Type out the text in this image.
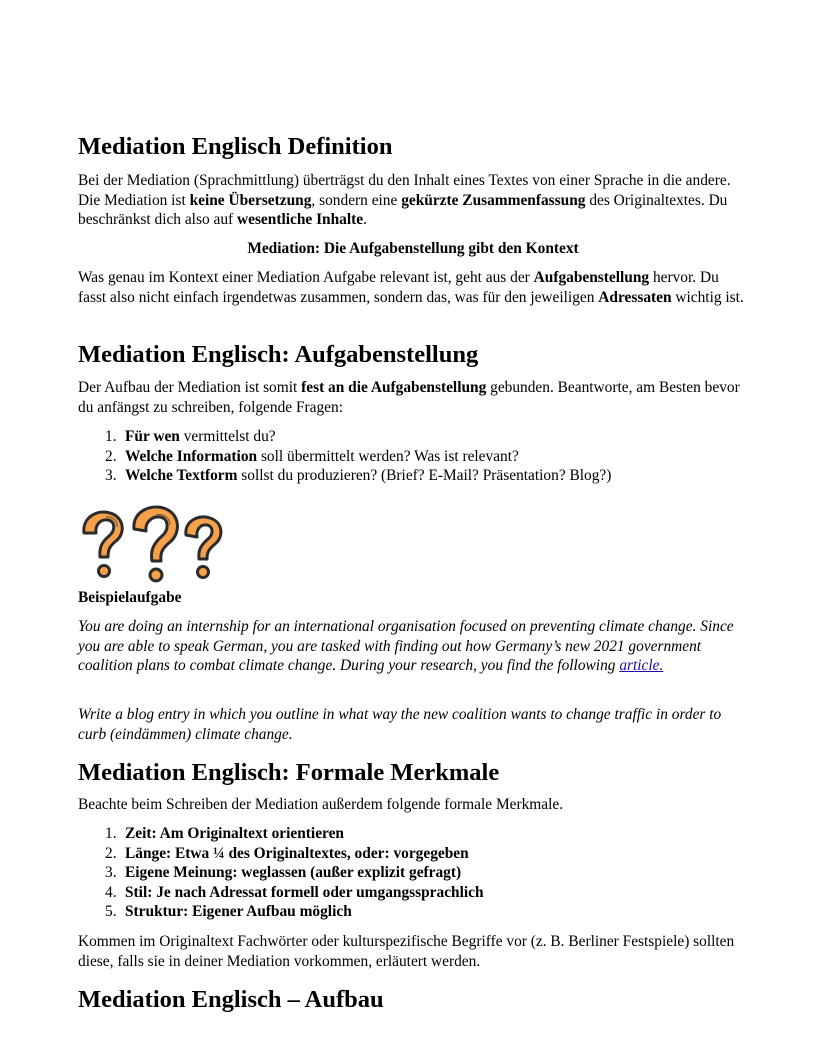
Mediation Englisch Definition

Bei der Mediation (Sprachmittlung) überträgst du den Inhalt eines Textes von einer Sprache in die andere. Die Mediation ist keine Übersetzung, sondern eine gekürzte Zusammenfassung des Originaltextes. Du beschränkst dich also auf wesentliche Inhalte.

Mediation: Die Aufgabenstellung gibt den Kontext

Was genau im Kontext einer Mediation Aufgabe relevant ist, geht aus der Aufgabenstellung hervor. Du fasst also nicht einfach irgendetwas zusammen, sondern das, was für den jeweiligen Adressaten wichtig ist.

Mediation Englisch: Aufgabenstellung

Der Aufbau der Mediation ist somit fest an die Aufgabenstellung gebunden. Beantworte, am Besten bevor du anfängst zu schreiben, folgende Fragen:

1. Für wen vermittelst du?
2. Welche Information soll übermittelt werden? Was ist relevant?
3. Welche Textform sollst du produzieren? (Brief? E-Mail? Präsentation? Blog?)

Beispielaufgabe

You are doing an internship for an international organisation focused on preventing climate change. Since you are able to speak German, you are tasked with finding out how Germany’s new 2021 government coalition plans to combat climate change. During your research, you find the following article.

Write a blog entry in which you outline in what way the new coalition wants to change traffic in order to curb (eindämmen) climate change.

Mediation Englisch: Formale Merkmale

Beachte beim Schreiben der Mediation außerdem folgende formale Merkmale.

1. Zeit: Am Originaltext orientieren
2. Länge: Etwa ¼ des Originaltextes, oder: vorgegeben
3. Eigene Meinung: weglassen (außer explizit gefragt)
4. Stil: Je nach Adressat formell oder umgangssprachlich
5. Struktur: Eigener Aufbau möglich

Kommen im Originaltext Fachwörter oder kulturspezifische Begriffe vor (z. B. Berliner Festspiele) sollten diese, falls sie in deiner Mediation vorkommen, erläutert werden.

Mediation Englisch – Aufbau
